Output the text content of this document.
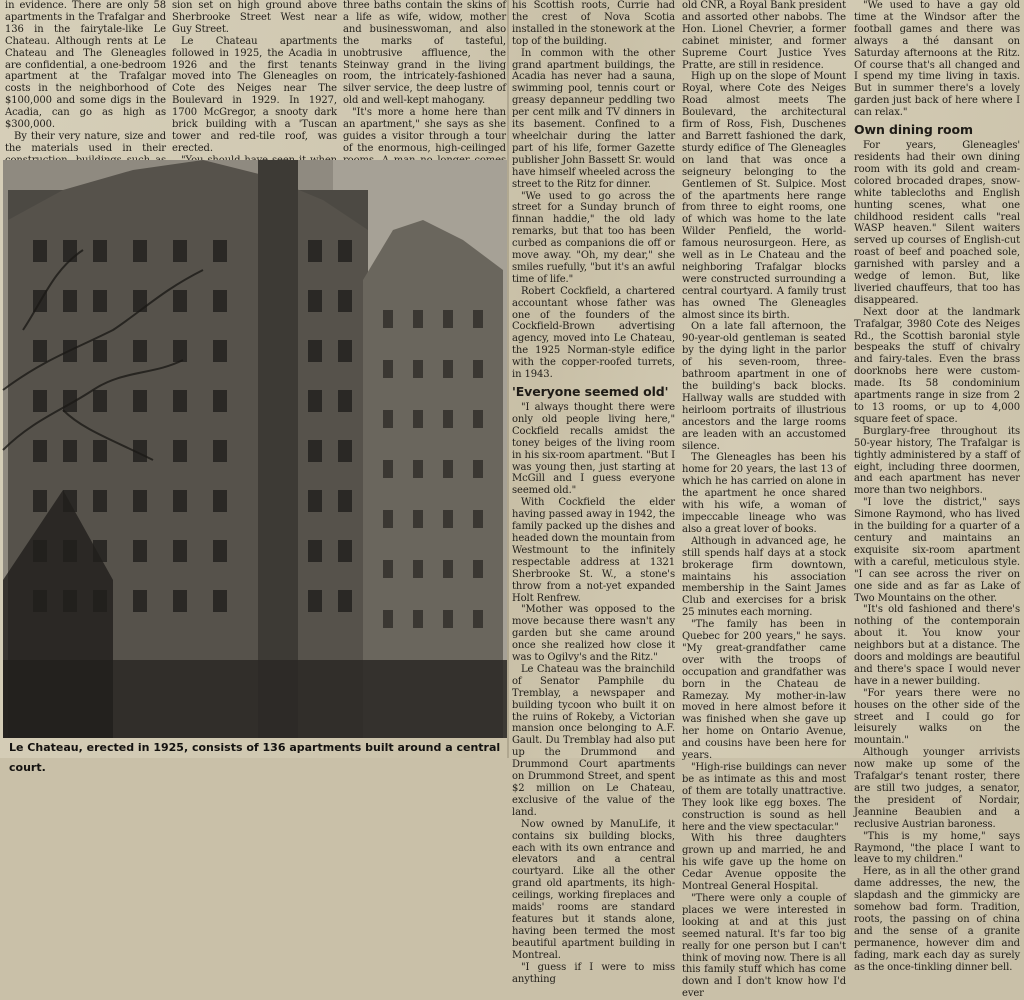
in evidence. There are only 58 apartments in the Trafalgar and 136 in the fairytale-like Le Chateau. Although rents at Le Chateau and The Gleneagles are confidential, a one-bedroom apartment at the Trafalgar costs in the neighborhood of $100,000 and some digs in the Acadia, can go as high as $300,000.

By their very nature, size and the materials used in their

sion set on high ground above Sherbrooke Street West near Guy Street.

Le Chateau apartments followed in 1925, the Acadia in 1926 and the first tenants moved into The Gleneagles on Cote des Neiges near The Boulevard in 1929. In 1927, 1700 McGregor, a snooty dark brick building with a 'Tuscan tower and red-tile roof, was erected.

three baths contain the skins of a life as wife, widow, mother and businesswoman, and also the marks of tasteful, unobtrusive affluence, the Steinway grand in the living room, the intricately-fashioned silver service, the deep lustre of old and well-kept mahogany.

"It's more a home here than an apartment," she says as she guides a visitor through a tour of the enormous, high-ceilinged

Le Chateau, erected in 1925, consists of 136 apartments built around a central court.

his Scottish roots, Currie had the crest of Nova Scotia installed in the stonework at the top of the building.

In common with the other grand apartment buildings, the Acadia has never had a sauna, swimming pool, tennis court or greasy depanneur peddling two per cent milk and TV dinners in its basement. Confined to a wheelchair during the latter part of his life, former Gazette publisher John Bassett Sr. would have himself wheeled across the street to the Ritz for dinner.

"We used to go across the street for a Sunday brunch of finnan haddie," the old lady remarks, but that too has been curbed as companions die off or move away. "Oh, my dear," she smiles ruefully, "but it's an awful time of life."

Robert Cockfield, a chartered accountant whose father was one of the founders of the Cockfield-Brown advertising agency, moved into Le Chateau, the 1925 Norman-style edifice with the copper-roofed turrets, in 1943.

'Everyone seemed old'

"I always thought there were only old people living here," Cockfield recalls amidst the toney beiges of the living room in his six-room apartment. "But I was young then, just starting at McGill and I guess everyone seemed old."

With Cockfield the elder having passed away in 1942, the family packed up the dishes and headed down the mountain from Westmount to the infinitely respectable address at 1321 Sherbrooke St. W., a stone's throw from a not-yet expanded Holt Renfrew.

"Mother was opposed to the move because there wasn't any garden but she came around once she realized how close it was to Ogilvy's and the Ritz."

Le Chateau was the brainchild of Senator Pamphile du Tremblay, a newspaper and building tycoon who built it on the ruins of Rokeby, a Victorian mansion once belonging to A.F. Gault. Du Tremblay had also put up the Drummond and Drummond Court apartments on Drummond Street, and spent $2 million on Le Chateau, exclusive of the value of the land.

Now owned by ManuLife, it contains six building blocks, each with its own entrance and elevators and a central courtyard. Like all the other grand old apartments, its high-ceilings, working fireplaces and maids' rooms are standard features but it stands alone, having been termed the most beautiful apartment building in Montreal.

"I guess if I were to miss anything

old CNR, a Royal Bank president and assorted other nabobs. The Hon. Lionel Chevrier, a former cabinet minister, and former Supreme Court Justice Yves Pratte, are still in residence.

High up on the slope of Mount Royal, where Cote des Neiges Road almost meets The Boulevard, the architectural firm of Ross, Fish, Duschenes and Barrett fashioned the dark, sturdy edifice of The Gleneagles on land that was once a seigneury belonging to the Gentlemen of St. Sulpice. Most of the apartments here range from three to eight rooms, one of which was home to the late Wilder Penfield, the world-famous neurosurgeon. Here, as well as in Le Chateau and the neighboring Trafalgar blocks were constructed surrounding a central courtyard. A family trust has owned The Gleneagles almost since its birth.

On a late fall afternoon, the 90-year-old gentleman is seated by the dying light in the parlor of his seven-room, three-bathroom apartment in one of the building's back blocks. Hallway walls are studded with heirloom portraits of illustrious ancestors and the large rooms are leaden with an accustomed silence.

The Gleneagles has been his home for 20 years, the last 13 of which he has carried on alone in the apartment he once shared with his wife, a woman of impeccable lineage who was also a great lover of books.

Although in advanced age, he still spends half days at a stock brokerage firm downtown, maintains his association membership in the Saint James Club and exercises for a brisk 25 minutes each morning.

"The family has been in Quebec for 200 years," he says. "My great-grandfather came over with the troops of occupation and grandfather was born in the Chateau de Ramezay. My mother-in-law moved in here almost before it was finished when she gave up her home on Ontario Avenue, and cousins have been here for years.

"High-rise buildings can never be as intimate as this and most of them are totally unattractive. They look like egg boxes. The construction is sound as hell here and the view spectacular."

With his three daughters grown up and married, he and his wife gave up the home on Cedar Avenue opposite the Montreal General Hospital.

"There were only a couple of places we were interested in looking at and at this just seemed natural. It's far too big really for one person but I can't think of moving now. There is all this family stuff which has come down and I don't know how I'd ever

"We used to have a gay old time at the Windsor after the football games and there was always a thé dansant on Saturday afternoons at the Ritz. Of course that's all changed and I spend my time living in taxis. But in summer there's a lovely garden just back of here where I can relax."

Own dining room

For years, Gleneagles' residents had their own dining room with its gold and cream-colored brocaded drapes, snow-white tablecloths and English hunting scenes, what one childhood resident calls "real WASP heaven." Silent waiters served up courses of English-cut roast of beef and poached sole, garnished with parsley and a wedge of lemon. But, like liveried chauffeurs, that too has disappeared.

Next door at the landmark Trafalgar, 3980 Cote des Neiges Rd., the Scottish baronial style bespeaks the stuff of chivalry and fairy-tales. Even the brass doorknobs here were custom-made. Its 58 condominium apartments range in size from 2 to 13 rooms, or up to 4,000 square feet of space.

Burglary-free throughout its 50-year history, The Trafalgar is tightly administered by a staff of eight, including three doormen, and each apartment has never more than two neighbors.

"I love the district," says Simone Raymond, who has lived in the building for a quarter of a century and maintains an exquisite six-room apartment with a careful, meticulous style. "I can see across the river on one side and as far as Lake of Two Mountains on the other.

"It's old fashioned and there's nothing of the contemporain about it. You know your neighbors but at a distance. The doors and moldings are beautiful and there's space I would never have in a newer building.

"For years there were no houses on the other side of the street and I could go for leisurely walks on the mountain."

Although younger arrivists now make up some of the Trafalgar's tenant roster, there are still two judges, a senator, the president of Nordair, Jeannine Beaubien and a reclusive Austrian baroness.

"This is my home," says Raymond, "the place I want to leave to my children."

Here, as in all the other grand dame addresses, the new, the slapdash and the gimmicky are somehow bad form. Tradition, roots, the passing on of china and the sense of a granite permanence, however dim and fading, mark each day as surely as the once-tinkling dinner bell.
